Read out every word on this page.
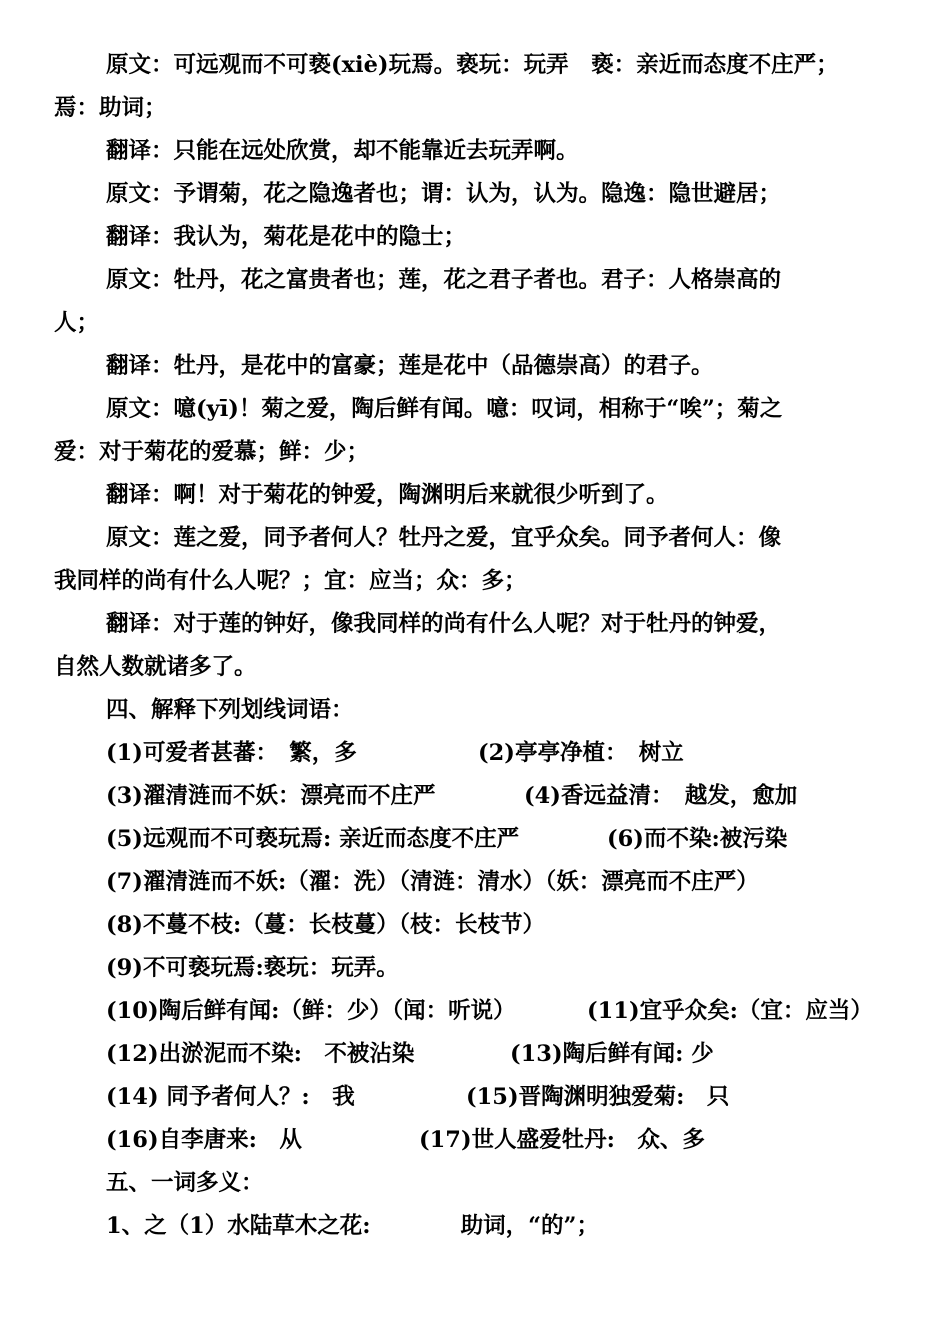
原文：可远观而不可亵(xiè)玩焉。亵玩：玩弄　亵：亲近而态度不庄严；
焉：助词；
翻译：只能在远处欣赏，却不能靠近去玩弄啊。
原文：予谓菊，花之隐逸者也；谓：认为，认为。隐逸：隐世避居；
翻译：我认为，菊花是花中的隐士；
原文：牡丹，花之富贵者也；莲，花之君子者也。君子：人格崇高的
人；
翻译：牡丹，是花中的富豪；莲是花中（品德崇高）的君子。
原文：噫(yī)！菊之爱，陶后鲜有闻。噫：叹词，相称于“唉”；菊之
爱：对于菊花的爱慕；鲜：少；
翻译：啊！对于菊花的钟爱，陶渊明后来就很少听到了。
原文：莲之爱，同予者何人？牡丹之爱，宜乎众矣。同予者何人：像
我同样的尚有什么人呢？；宜：应当；众：多；
翻译：对于莲的钟好，像我同样的尚有什么人呢？对于牡丹的钟爱，
自然人数就诸多了。
四、解释下列划线词语：
(1)可爱者甚蕃：　繁，多	(2)亭亭净植：　树立
(3)濯清涟而不妖：漂亮而不庄严	(4)香远益清：　越发，愈加
(5)远观而不可亵玩焉: 亲近而态度不庄严	(6)而不染:被污染
(7)濯清涟而不妖:（濯：洗）（清涟：清水）（妖：漂亮而不庄严）
(8)不蔓不枝:（蔓：长枝蔓）（枝：长枝节）
(9)不可亵玩焉:亵玩：玩弄。
(10)陶后鲜有闻:（鲜：少）（闻：听说）	(11)宜乎众矣:（宜：应当）
(12)出淤泥而不染:　不被沾染	(13)陶后鲜有闻: 少
(14) 同予者何人？:　我	(15)晋陶渊明独爱菊:　只
(16)自李唐来:　从	(17)世人盛爱牡丹:　众、多
五、一词多义：
1、之（1）水陆草木之花:　　　　助词，“的”；
